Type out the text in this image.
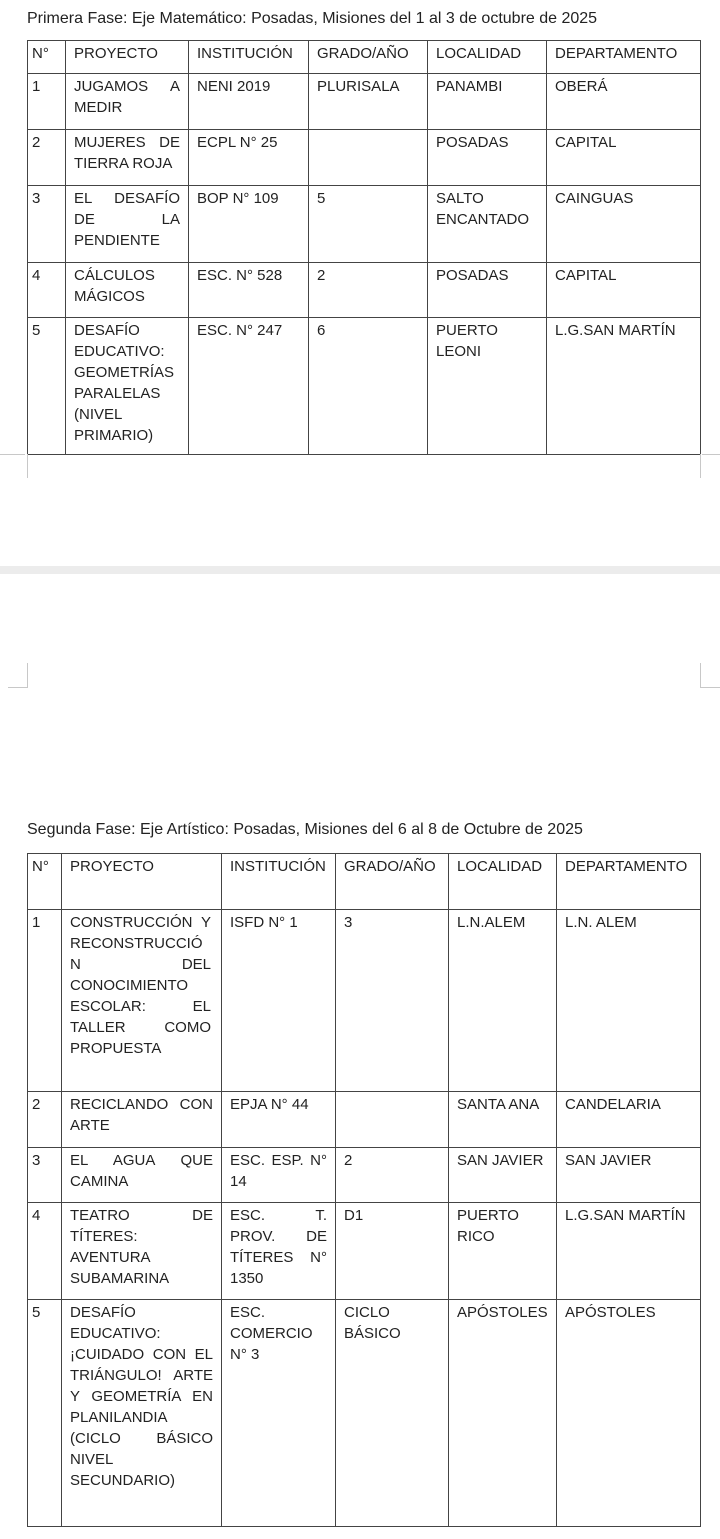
Primera Fase: Eje Matemático: Posadas, Misiones del 1 al 3 de octubre de 2025
N°	PROYECTO	INSTITUCIÓN	GRADO/AÑO	LOCALIDAD	DEPARTAMENTO
1	JUGAMOS A MEDIR	NENI 2019	PLURISALA	PANAMBI	OBERÁ
2	MUJERES DE TIERRA ROJA	ECPL N° 25		POSADAS	CAPITAL
3	EL DESAFÍO DE LA PENDIENTE	BOP N° 109	5	SALTO ENCANTADO	CAINGUAS
4	CÁLCULOS MÁGICOS	ESC. N° 528	2	POSADAS	CAPITAL
5	DESAFÍO EDUCATIVO: GEOMETRÍAS PARALELAS (NIVEL PRIMARIO)	ESC. N° 247	6	PUERTO LEONI	L.G.SAN MARTÍN
Segunda Fase: Eje Artístico: Posadas, Misiones del 6 al 8 de Octubre de 2025
N°	PROYECTO	INSTITUCIÓN	GRADO/AÑO	LOCALIDAD	DEPARTAMENTO
1	CONSTRUCCIÓN Y RECONSTRUCCIÓN DEL CONOCIMIENTO ESCOLAR: EL TALLER COMO PROPUESTA	ISFD N° 1	3	L.N.ALEM	L.N. ALEM
2	RECICLANDO CON ARTE	EPJA N° 44		SANTA ANA	CANDELARIA
3	EL AGUA QUE CAMINA	ESC. ESP. N° 14	2	SAN JAVIER	SAN JAVIER
4	TEATRO DE TÍTERES: AVENTURA SUBAMARINA	ESC. T. PROV. DE TÍTERES N° 1350	D1	PUERTO RICO	L.G.SAN MARTÍN
5	DESAFÍO EDUCATIVO: ¡CUIDADO CON EL TRIÁNGULO! ARTE Y GEOMETRÍA EN PLANILANDIA (CICLO BÁSICO NIVEL SECUNDARIO)	ESC. COMERCIO N° 3	CICLO BÁSICO	APÓSTOLES	APÓSTOLES
